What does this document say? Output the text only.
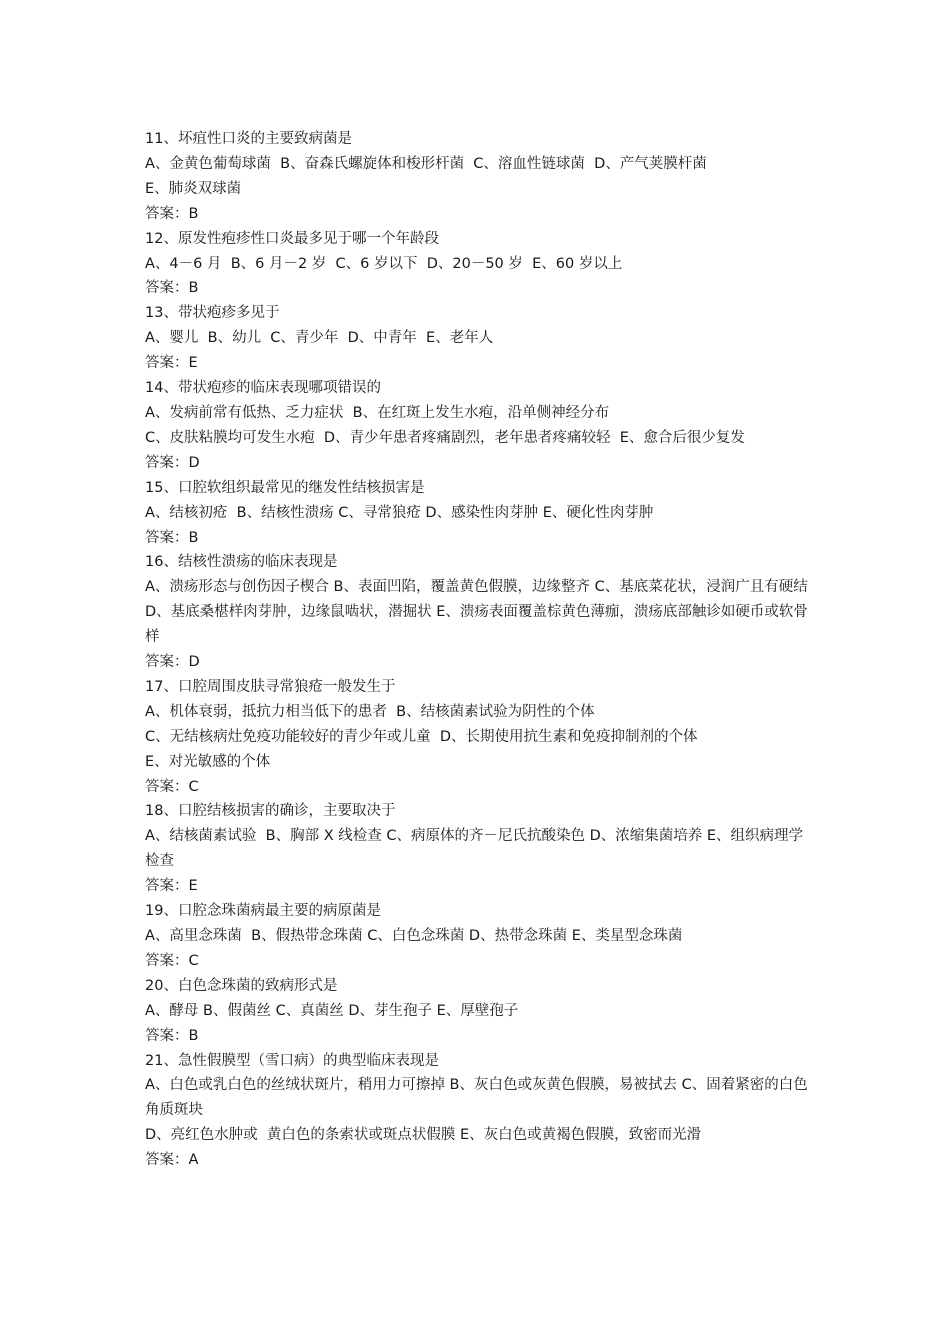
11、坏疽性口炎的主要致病菌是

A、金黄色葡萄球菌  B、奋森氏螺旋体和梭形杆菌  C、溶血性链球菌  D、产气荚膜杆菌

E、肺炎双球菌

答案：B

12、原发性疱疹性口炎最多见于哪一个年龄段

A、4－6 月  B、6 月－2 岁  C、6 岁以下  D、20－50 岁  E、60 岁以上

答案：B

13、带状疱疹多见于

A、婴儿  B、幼儿  C、青少年  D、中青年  E、老年人

答案：E

14、带状疱疹的临床表现哪项错误的

A、发病前常有低热、乏力症状  B、在红斑上发生水疱，沿单侧神经分布

C、皮肤粘膜均可发生水疱  D、青少年患者疼痛剧烈，老年患者疼痛较轻  E、愈合后很少复发

答案：D

15、口腔软组织最常见的继发性结核损害是

A、结核初疮  B、结核性溃疡 C、寻常狼疮 D、感染性肉芽肿 E、硬化性肉芽肿

答案：B

16、结核性溃疡的临床表现是

A、溃疡形态与创伤因子楔合 B、表面凹陷，覆盖黄色假膜，边缘整齐 C、基底菜花状，浸润广且有硬结

D、基底桑椹样肉芽肿，边缘鼠啮状，潜掘状 E、溃疡表面覆盖棕黄色薄痂，溃疡底部触诊如硬币或软骨样

答案：D

17、口腔周围皮肤寻常狼疮一般发生于

A、机体衰弱，抵抗力相当低下的患者  B、结核菌素试验为阴性的个体

C、无结核病灶免疫功能较好的青少年或儿童  D、长期使用抗生素和免疫抑制剂的个体

E、对光敏感的个体

答案：C

18、口腔结核损害的确诊，主要取决于

A、结核菌素试验  B、胸部 X 线检查 C、病原体的齐－尼氏抗酸染色 D、浓缩集菌培养 E、组织病理学检查

答案：E

19、口腔念珠菌病最主要的病原菌是

A、高里念珠菌  B、假热带念珠菌 C、白色念珠菌 D、热带念珠菌 E、类星型念珠菌

答案：C

20、白色念珠菌的致病形式是

A、酵母 B、假菌丝 C、真菌丝 D、芽生孢子 E、厚壁孢子

答案：B

21、急性假膜型（雪口病）的典型临床表现是

A、白色或乳白色的丝绒状斑片，稍用力可擦掉 B、灰白色或灰黄色假膜，易被拭去 C、固着紧密的白色角质斑块

D、亮红色水肿或  黄白色的条索状或斑点状假膜 E、灰白色或黄褐色假膜，致密而光滑

答案：A
